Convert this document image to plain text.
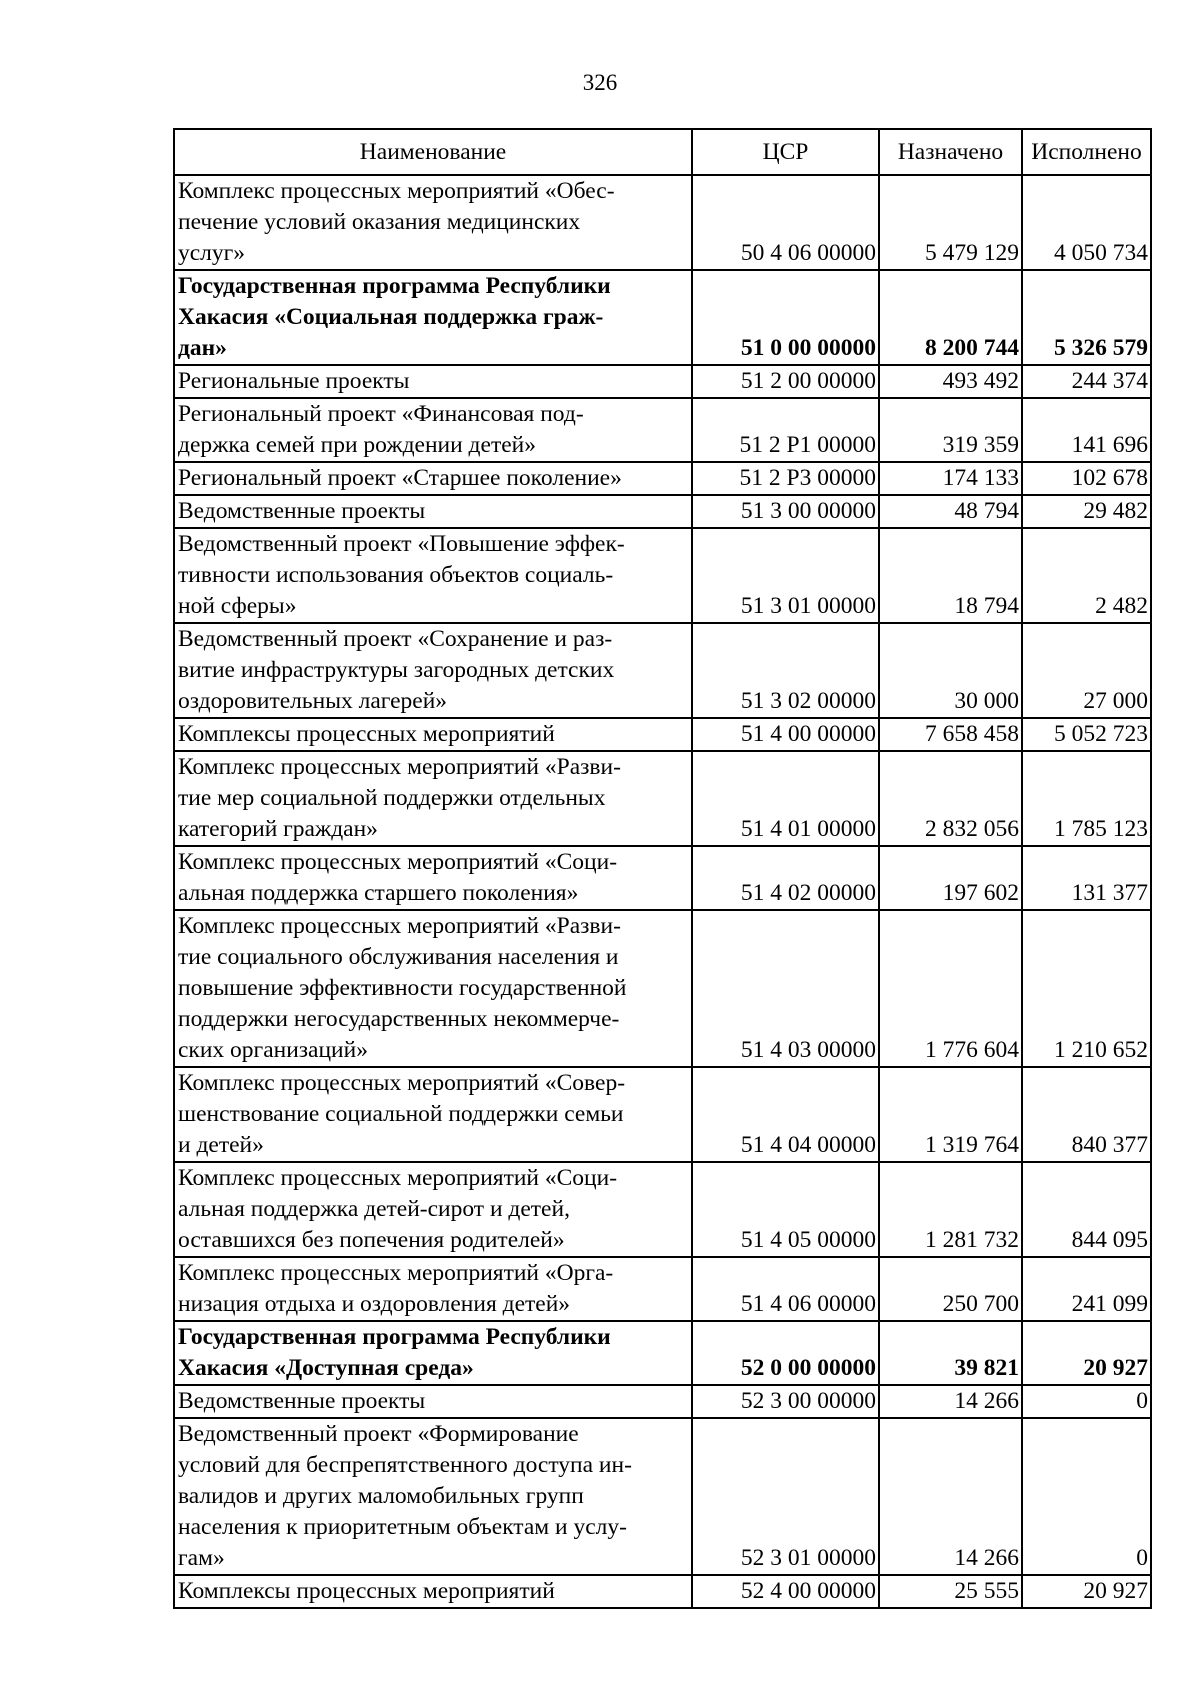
326
Наименование	ЦСР	Назначено	Исполнено

Комплекс процессных мероприятий «Обес-
печение условий оказания медицинских
услуг»	50 4 06 00000	5 479 129	4 050 734

Государственная программа Республики
Хакасия «Социальная поддержка граж-
дан»	51 0 00 00000	8 200 744	5 326 579

Региональные проекты	51 2 00 00000	493 492	244 374

Региональный проект «Финансовая под-
держка семей при рождении детей»	51 2 P1 00000	319 359	141 696

Региональный проект «Старшее поколение»	51 2 P3 00000	174 133	102 678

Ведомственные проекты	51 3 00 00000	48 794	29 482

Ведомственный проект «Повышение эффек-
тивности использования объектов социаль-
ной сферы»	51 3 01 00000	18 794	2 482

Ведомственный проект «Сохранение и раз-
витие инфраструктуры загородных детских
оздоровительных лагерей»	51 3 02 00000	30 000	27 000

Комплексы процессных мероприятий	51 4 00 00000	7 658 458	5 052 723

Комплекс процессных мероприятий «Разви-
тие мер социальной поддержки отдельных
категорий граждан»	51 4 01 00000	2 832 056	1 785 123

Комплекс процессных мероприятий «Соци-
альная поддержка старшего поколения»	51 4 02 00000	197 602	131 377

Комплекс процессных мероприятий «Разви-
тие социального обслуживания населения и
повышение эффективности государственной
поддержки негосударственных некоммерче-
ских организаций»	51 4 03 00000	1 776 604	1 210 652

Комплекс процессных мероприятий «Совер-
шенствование социальной поддержки семьи
и детей»	51 4 04 00000	1 319 764	840 377

Комплекс процессных мероприятий «Соци-
альная поддержка детей-сирот и детей,
оставшихся без попечения родителей»	51 4 05 00000	1 281 732	844 095

Комплекс процессных мероприятий «Орга-
низация отдыха и оздоровления детей»	51 4 06 00000	250 700	241 099

Государственная программа Республики
Хакасия «Доступная среда»	52 0 00 00000	39 821	20 927

Ведомственные проекты	52 3 00 00000	14 266	0

Ведомственный проект «Формирование
условий для беспрепятственного доступа ин-
валидов и других маломобильных групп
населения к приоритетным объектам и услу-
гам»	52 3 01 00000	14 266	0

Комплексы процессных мероприятий	52 4 00 00000	25 555	20 927
